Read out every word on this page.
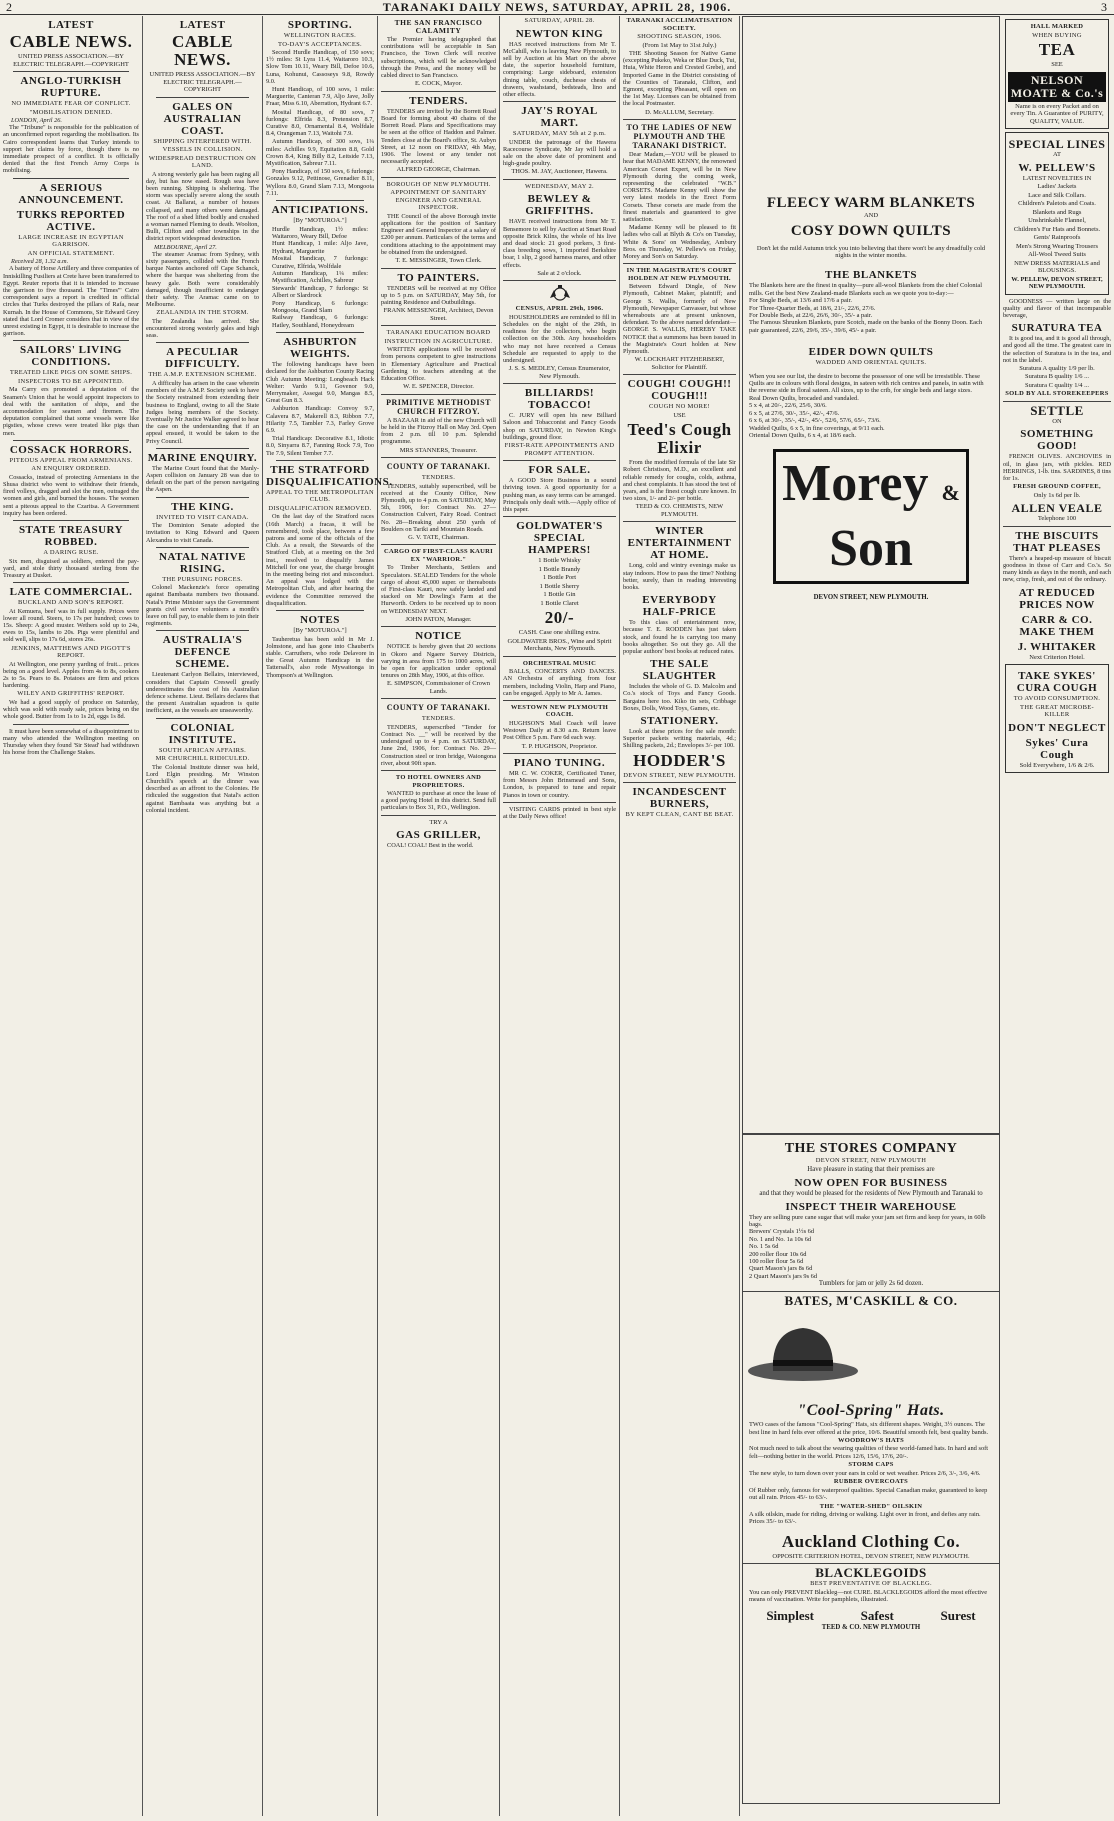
2	TARANAKI DAILY NEWS, SATURDAY, APRIL 28, 1906.	3
LATEST
CABLE NEWS.
UNITED PRESS ASSOCIATION.—BY ELECTRIC TELEGRAPH.—COPYRIGHT
ANGLO-TURKISH RUPTURE.
NO IMMEDIATE FEAR OF CONFLICT.
"MOBILISATION DENIED.
LONDON, April 26.

The "Tribune" is responsible for the publication of an unconfirmed report regarding the mobilisation. Its Cairo correspondent learns that Turkey intends to support her claims by force, though there is no immediate prospect of a conflict. It is officially denied that the first French Army Corps is mobilising.

A SERIOUS ANNOUNCEMENT.
TURKS REPORTED ACTIVE.
LARGE INCREASE IN EGYPTIAN GARRISON.
AN OFFICIAL STATEMENT.
Received 28, 1.32 a.m.

A battery of Horse Artillery and three companies of Inniskilling Fusiliers at Crete have been transferred to Egypt. Reuter reports that it is intended to increase the garrison to five thousand. The "Times'" Cairo correspondent says a report is credited in official circles that Turks destroyed the pillars of Rafa, near Kurnah. In the House of Commons, Sir Edward Grey stated that Lord Cromer considers that in view of the unrest existing in Egypt, it is desirable to increase the garrison.

SAILORS' LIVING CONDITIONS.
TREATED LIKE PIGS ON SOME SHIPS.
INSPECTORS TO BE APPOINTED.

Ma Carry ers promoted a deputation of the Seamen's Union that he would appoint inspectors to deal with the sanitation of ships, and the accommodation for seamen and firemen. The deputation complained that some vessels were like pigsties, whose crews were treated like pigs than men.

COSSACK HORRORS.
PITEOUS APPEAL FROM ARMENIANS.
AN ENQUIRY ORDERED.

Cossacks, instead of protecting Armenians in the Shusa district who went to withdraw their friends, fired volleys, dragged and slot the men, outraged the women and girls, and burned the houses. The women sent a piteous appeal to the Czaritsa. A Government inquiry has been ordered.

STATE TREASURY ROBBED.
A DARING RUSE.

Six men, disguised as soldiers, entered the pay-yard, and stole thirty thousand sterling from the Treasury at Dusket.

LATE COMMERCIAL.
BUCKLAND AND SON'S REPORT.

At Kemuera, beef was in full supply. Prices were lower all round. Steers, to 17s per hundred; cows to 15s. Sheep: A good muster. Wethers sold up to 24s, ewes to 15s, lambs to 20s. Pigs were plentiful and sold well, slips to 17s 6d, stores 26s.

JENKINS, MATTHEWS AND PIGOTT'S REPORT.

At Wellington, one penny yarding of fruit... prices being on a good level. Apples from 4s to 8s, cookers 2s to 5s. Pears to 8s. Potatoes are firm and prices hardening.

WILEY AND GRIFFITHS' REPORT.

We had a good supply of produce on Saturday, which was sold with ready sale, prices being on the whole good. Butter from 1s to 1s 2d, eggs 1s 8d.

It must have been somewhat of a disappointment to many who attended the Wellington meeting on Thursday when they found 'Sir Stead' had withdrawn his horse from the Challenge Stakes.

LATEST
CABLE NEWS.
UNITED PRESS ASSOCIATION.—BY ELECTRIC TELEGRAPH.—COPYRIGHT
GALES ON AUSTRALIAN COAST.
SHIPPING INTERFERED WITH.
VESSELS IN COLLISION.
WIDESPREAD DESTRUCTION ON LAND.

A strong westerly gale has been raging all day, but has now eased. Rough seas have been running. Shipping is sheltering. The storm was specially severe along the south coast. At Ballarat, a number of houses collapsed, and many others were damaged. The roof of a shed lifted bodily and crushed a woman named Fleming to death. Woolton, Bulli, Clifton and other townships in the district report widespread destruction.

MELBOURNE, April 27.

The steamer Aramac from Sydney, with sixty passengers, collided with the French barque Nantes anchored off Cape Schanck, where the barque was sheltering from the heavy gale. Both were considerably damaged, though insufficient to endanger their safety. The Aramac came on to Melbourne.

ZEALANDIA IN THE STORM.

The Zealandia has arrived. She encountered strong westerly gales and high seas.

A PECULIAR DIFFICULTY.
THE A.M.P. EXTENSION SCHEME.

A difficulty has arisen in the case wherein members of the A.M.P. Society seek to have the Society restrained from extending their business to England, owing to all the State Judges being members of the Society. Eventually Mr Justice Walker agreed to hear the case on the understanding that if an appeal ensued, it would be taken to the Privy Council.

MARINE ENQUIRY.

The Marine Court found that the Manly-Aspen collision on January 28 was due to default on the part of the person navigating the Aspen.

THE KING.
INVITED TO VISIT CANADA.

The Dominion Senate adopted the invitation to King Edward and Queen Alexandra to visit Canada.

NATAL NATIVE RISING.
THE PURSUING FORCES.

Colonel Mackenzie's force operating against Bambaata numbers two thousand. Natal's Prime Minister says the Government grants civil service volunteers a month's leave on full pay, to enable them to join their regiments.

AUSTRALIA'S DEFENCE SCHEME.

Lieutenant Carlyon Bellairs, interviewed, considers that Captain Creswell greatly underestimates the cost of his Australian defence scheme. Lieut. Bellairs declares that the present Australian squadron is quite inefficient, as the vessels are unseaworthy.

COLONIAL INSTITUTE.
SOUTH AFRICAN AFFAIRS.
MR CHURCHILL RIDICULED.

The Colonial Institute dinner was held, Lord Elgin presiding. Mr Winston Churchill's speech at the dinner was described as an affront to the Colonies. He ridiculed the suggestion that Natal's action against Bambaata was anything but a colonial incident.

SPORTING.
WELLINGTON RACES.
TO-DAY'S ACCEPTANCES.

Second Hurdle Handicap, of 150 sovs; 1½ miles: St Lyra 11.4, Waitaroro 10.3, Slow Tom 10.11, Weary Bill, Defoe 10.6, Luna, Kohunui, Cassoseys 9.8, Rowdy 9.0.

Hunt Handicap, of 100 sovs, 1 mile: Marguerite, Canteran 7.9, Aljo Jave, Jolly Fraar, Miss 6.10, Aberration, Hydrant 6.7.

Mosital Handicap, of 80 sovs, 7 furlongs: Elfrida 8.3, Pretension 8.7, Curative 8.0, Ornamental 8.4, Wolfdale 8.4, Orangeman 7.13, Waitohi 7.9.

Autumn Handicap, of 300 sovs, 1¼ miles: Achilles 9.9, Equitation 8.8, Gold Crown 8.4, King Billy 8.2, Leitside 7.13, Mystification, Sabreur 7.11.

Pony Handicap, of 150 sovs, 6 furlongs: Gonzales 9.12, Pettinose, Grenadier 8.11, Wyllora 8.0, Grand Slam 7.13, Mongoota 7.11.

ANTICIPATIONS.
[By "MOTUROA."]
Hurdle Handicap, 1½ miles: Waitaroro, Weary Bill, Defoe
Hunt Handicap, 1 mile: Aljo Jave, Hydrant, Marguerite
Mosital Handicap, 7 furlongs: Curative, Elfrida, Wolfdale
Autumn Handicap, 1¼ miles: Mystification, Achilles, Sabreur
Stewards' Handicap, 7 furlongs: St Albert or Slardrock
Pony Handicap, 6 furlongs: Mongoota, Grand Slam
Railway Handicap, 6 furlongs: Hatley, Southland, Honeydream
ASHBURTON WEIGHTS.

The following handicaps have been declared for the Ashburton County Racing Club Autumn Meeting: Longbeach Hack Welter: Vardo 9.11, Govenor 9.0, Merrymaker, Assegai 9.0, Mangas 8.5, Great Gun 8.3.

Ashburton Handicap: Convoy 9.7, Calavera 8.7, Makerell 8.3, Ribbon 7.7, Hilarity 7.5, Tambler 7.3, Farley Grove 6.9.

Trial Handicap: Decorative 8.1, Idiotic 8.0, Sinyarra 8.7, Fanning Rock 7.9, Too Tie 7.9, Silent Tember 7.7.

THE STRATFORD DISQUALIFICATIONS.
APPEAL TO THE METROPOLITAN CLUB.
DISQUALIFICATION REMOVED.

On the last day of the Stratford races (16th March) a fracas, it will be remembered, took place, between a few patrons and some of the officials of the Club. As a result, the Stewards of the Stratford Club, at a meeting on the 3rd inst., resolved to disqualify James Mitchell for one year, the charge brought in the meeting being riot and misconduct. An appeal was lodged with the Metropolitan Club, and after hearing the evidence the Committee removed the disqualification.

NOTES
[By "MOTUROA."]

Tauheretua has been sold in Mr J. Jolmstone, and has gone into Chaubert's stable. Carruthers, who rode Delavore in the Great Autumn Handicap in the Tattersall's, also rode Mywaitonga in Thompson's at Wellington.

THE SAN FRANCISCO CALAMITY

The Premier having telegraphed that contributions will be acceptable in San Francisco, the Town Clerk will receive subscriptions, which will be acknowledged through the Press, and the money will be cabled direct to San Francisco.

E. COCK, Mayor.
TENDERS.

TENDERS are invited by the Borrett Road Board for forming about 40 chains of the Borrett Road. Plans and Specifications may be seen at the office of Haddon and Palmer. Tenders close at the Board's office, St. Aubyn Street, at 12 noon on FRIDAY, 4th May, 1906. The lowest or any tender not necessarily accepted.

ALFRED GEORGE, Chairman.
BOROUGH OF NEW PLYMOUTH.
APPOINTMENT OF SANITARY ENGINEER AND GENERAL INSPECTOR.

THE Council of the above Borough invite applications for the position of Sanitary Engineer and General Inspector at a salary of £200 per annum. Particulars of the terms and conditions attaching to the appointment may be obtained from the undersigned.

T. E. MESSINGER, Town Clerk.
TO PAINTERS.

TENDERS will be received at my Office up to 5 p.m. on SATURDAY, May 5th, for painting Residence and Outbuildings.

FRANK MESSENGER, Architect, Devon Street.
TARANAKI EDUCATION BOARD
INSTRUCTION IN AGRICULTURE.

WRITTEN applications will be received from persons competent to give instructions in Elementary Agriculture and Practical Gardening to teachers attending at the Education Office.

W. E. SPENCER, Director.
PRIMITIVE METHODIST CHURCH FITZROY.

A BAZAAR in aid of the new Church will be held in the Fitzroy Hall on May 3rd. Open from 2 p.m. till 10 p.m. Splendid programme.

MRS STANNERS, Treasurer.
COUNTY OF TARANAKI.
TENDERS.

TENDERS, suitably superscribed, will be received at the County Office, New Plymouth, up to 4 p.m. on SATURDAY, May 5th, 1906, for: Contract No. 27—Construction Culvert, Fairy Road. Contract No. 28—Breaking about 250 yards of Boulders on Tariki and Mountain Roads.

G. V. TATE, Chairman.
CARGO OF FIRST-CLASS KAURI EX "WARRIOR."

To Timber Merchants, Settlers and Speculators. SEALED Tenders for the whole cargo of about 45,000 super. or thereabouts of First-class Kauri, now safely landed and stacked on Mr Dowling's Farm at the Hurworth. Orders to be received up to noon on WEDNESDAY NEXT.

JOHN PATON, Manager.
NOTICE

NOTICE is hereby given that 20 sections in Okoro and Ngaere Survey Districts, varying in area from 175 to 1000 acres, will be open for application under optional tenures on 28th May, 1906, at this office.

E. SIMPSON, Commissioner of Crown Lands.
COUNTY OF TARANAKI.
TENDERS.

TENDERS, superscribed "Tender for Contract No. __" will be received by the undersigned up to 4 p.m. on SATURDAY, June 2nd, 1906, for: Contract No. 29—Construction steel or iron bridge, Waiongona river, about 90ft span.

TO HOTEL OWNERS AND PROPRIETORS.

WANTED to purchase at once the lease of a good paying Hotel in this district. Send full particulars to Box 31, P.O., Wellington.

TRY A
GAS GRILLER,

COAL! COAL! Best in the world.

SATURDAY, APRIL 28.
NEWTON KING

HAS received instructions from Mr T. McCahill, who is leaving New Plymouth, to sell by Auction at his Mart on the above date, the superior household furniture, comprising: Large sideboard, extension dining table, couch, duchesse chests of drawers, washstand, bedsteads, lino and other effects.

JAY'S ROYAL MART.
SATURDAY, MAY 5th at 2 p.m.

UNDER the patronage of the Hawera Racecourse Syndicate, Mr Jay will hold a sale on the above date of prominent and high-grade poultry.

THOS. M. JAY, Auctioneer, Hawera.
WEDNESDAY, MAY 2.
BEWLEY & GRIFFITHS.

HAVE received instructions from Mr T. Bensemore to sell by Auction at Smart Road opposite Brick Kilns, the whole of his live and dead stock: 21 good porkers, 3 first-class breeding sows, 1 imported Berkshire boar, 1 slip, 2 good harness mares, and other effects.

Sale at 2 o'clock.
CENSUS, APRIL 29th, 1906.

HOUSEHOLDERS are reminded to fill in Schedules on the night of the 29th, in readiness for the collectors, who begin collection on the 30th. Any householders who may not have received a Census Schedule are requested to apply to the undersigned.

J. S. S. MEDLEY, Census Enumerator, New Plymouth.
BILLIARDS! TOBACCO!

C. JURY will open his new Billiard Saloon and Tobacconist and Fancy Goods shop on SATURDAY, in Newton King's buildings, ground floor.

FIRST-RATE APPOINTMENTS AND PROMPT ATTENTION.
FOR SALE.

A GOOD Store Business in a sound thriving town. A good opportunity for a pushing man, as easy terms can be arranged. Principals only dealt with.—Apply office of this paper.

GOLDWATER'S SPECIAL HAMPERS!
1 Bottle Whisky
1 Bottle Brandy
1 Bottle Port
1 Bottle Sherry
1 Bottle Gin
1 Bottle Claret
20/-
CASH. Case one shilling extra.
GOLDWATER BROS., Wine and Spirit Merchants, New Plymouth.
ORCHESTRAL MUSIC

BALLS, CONCERTS AND DANCES. AN Orchestra of anything from four members, including Violin, Harp and Piano, can be engaged. Apply to Mr A. James.

WESTOWN NEW PLYMOUTH COACH.

HUGHSON'S Mail Coach will leave Westown Daily at 8.30 a.m. Return leave Post Office 5 p.m. Fare 6d each way.

T. P. HUGHSON, Proprietor.
PIANO TUNING.

MR C. W. COKER, Certificated Tuner, from Messrs John Brinsmead and Sons, London, is prepared to tune and repair Pianos in town or country.

VISITING CARDS printed in best style at the Daily News office!

TARANAKI ACCLIMATISATION SOCIETY.
SHOOTING SEASON, 1906.
(From 1st May to 31st July.)

THE Shooting Season for Native Game (excepting Pukeko, Weka or Blue Duck, Tui, Huia, White Heron and Crested Grebe), and Imported Game in the District consisting of the Counties of Taranaki, Clifton, and Egmont, excepting Pheasant, will open on the 1st May. Licenses can be obtained from the local Postmaster.

D. McALLUM, Secretary.
TO THE LADIES OF NEW PLYMOUTH AND THE TARANAKI DISTRICT.

Dear Madam,—YOU will be pleased to hear that MADAME KENNY, the renowned American Corset Expert, will be in New Plymouth during the coming week, representing the celebrated "W.B." CORSETS. Madame Kenny will show the very latest models in the Erect Form Corsets. These corsets are made from the finest materials and guaranteed to give satisfaction.

Madame Kenny will be pleased to fit ladies who call at Blyth & Co's on Tuesday, White & Sons' on Wednesday, Ambury Bros. on Thursday, W. Pellew's on Friday, Morey and Son's on Saturday.

IN THE MAGISTRATE'S COURT HOLDEN AT NEW PLYMOUTH.

Between Edward Dingle, of New Plymouth, Cabinet Maker, plaintiff; and George S. Wallis, formerly of New Plymouth, Newspaper Canvasser, but whose whereabouts are at present unknown, defendant. To the above named defendant—GEORGE S. WALLIS, HEREBY TAKE NOTICE that a summons has been issued in the Magistrate's Court holden at New Plymouth.

W. LOCKHART FITZHERBERT, Solicitor for Plaintiff.
COUGH! COUGH!! COUGH!!!
COUGH NO MORE!
USE
Teed's Cough Elixir

From the modified formula of the late Sir Robert Christison, M.D., an excellent and reliable remedy for coughs, colds, asthma, and chest complaints. It has stood the test of years, and is the finest cough cure known. In two sizes, 1/- and 2/- per bottle.

TEED & CO. CHEMISTS, NEW PLYMOUTH.
WINTER ENTERTAINMENT AT HOME.

Long, cold and wintry evenings make us stay indoors. How to pass the time? Nothing better, surely, than in reading interesting books.

EVERYBODY HALF-PRICE

To this class of entertainment now, because T. E. RODDEN has just taken stock, and found he is carrying too many books altogether. So out they go. All the popular authors' best books at reduced rates.

THE SALE SLAUGHTER

Includes the whole of G. D. Malcolm and Co.'s stock of Toys and Fancy Goods. Bargains here too. Kiko tin sets, Cribbage Boxes, Dolls, Wood Toys, Games, etc.

STATIONERY.

Look at these prices for the sale month: Superior packets writing materials, 4d.; Shilling packets, 2d.; Envelopes 3/- per 100.

HODDER'S
DEVON STREET, NEW PLYMOUTH.
INCANDESCENT BURNERS,
BY KEPT CLEAN, CANT BE BEAT.
FLEECY WARM BLANKETS
AND
COSY DOWN QUILTS
Don't let the mild Autumn trick you into believing that there won't be any dreadfully cold nights in the winter months.
THE BLANKETS
The Blankets here are the finest in quality—pure all-wool Blankets from the chief Colonial mills. Get the best New Zealand-made Blankets such as we quote you to-day:—
For Single Beds, at 13/6 and 17/6 a pair.
For Three-Quarter Beds, at 18/6, 21/-, 22/6, 27/6.
For Double Beds, at 22/6, 26/6, 30/-, 35/- a pair.
The Famous Shrunken Blankets, pure Scotch, made on the banks of the Bonny Doon. Each pair guaranteed, 22/6, 29/6, 35/-, 39/6, 45/- a pair.
EIDER DOWN QUILTS
WADDED AND ORIENTAL QUILTS.
When you see our list, the desire to become the possessor of one will be irresistible. These Quilts are in colours with floral designs, in sateen with rich centres and panels, in satin with the reverse side in floral sateen. All sizes, up to the crib, for single beds and large sizes.
Real Down Quilts, brocaded and vandaled.
5 x 4, at 20/-, 22/6, 25/6, 30/6.
6 x 5, at 27/6, 30/-, 35/-, 42/-, 47/6.
6 x 6, at 30/-, 35/-, 42/-, 45/-, 52/6, 57/6, 65/-, 73/6.
Wadded Quilts, 6 x 5, in fine coverings, at 9/11 each.
Oriental Down Quilts, 6 x 4, at 18/6 each.
Morey & Son
DEVON STREET, NEW PLYMOUTH.
THE STORES COMPANY
DEVON STREET, NEW PLYMOUTH
Have pleasure in stating that their premises are
NOW OPEN FOR BUSINESS
and that they would be pleased for the residents of New Plymouth and Taranaki to
INSPECT THEIR WAREHOUSE
They are selling pure cane sugar that will make your jam set firm and keep for years, in 60lb bags.
Brewers' Crystals 1½s 6d
No. 1 and No. 1a 10s 6d
No. 1 5s 6d
200 roller flour 10s 6d
100 roller flour 5s 6d
Quart Mason's jars 8s 6d
2 Quart Mason's jars 9s 6d
Tumblers for jam or jelly 2s 6d dozen.
BATES, M'CASKILL & CO.
"Cool-Spring" Hats.
TWO cases of the famous "Cool-Spring" Hats, six different shapes. Weight, 3½ ounces. The best line in hard felts ever offered at the price, 10/6. Beautiful smooth felt, best quality bands.
WOODROW'S HATS
Not much need to talk about the wearing qualities of these world-famed hats. In hard and soft felt—nothing better in the world. Prices 12/6, 15/6, 17/6, 20/-.
STORM CAPS
The new style, to turn down over your ears in cold or wet weather. Prices 2/6, 3/-, 3/6, 4/6.
RUBBER OVERCOATS
Of Rubber only, famous for waterproof qualities. Special Canadian make, guaranteed to keep out all rain. Prices 45/- to 63/-.
THE "WATER-SHED" OILSKIN
A silk oilskin, made for riding, driving or walking. Light over in front, and defies any rain. Prices 35/- to 63/-.
Auckland Clothing Co.
OPPOSITE CRITERION HOTEL, DEVON STREET, NEW PLYMOUTH.
BLACKLEGOIDS
BEST PREVENTATIVE OF BLACKLEG.
You can only PREVENT Blackleg—not CURE. BLACKLEGOIDS afford the most effective means of vaccination. Write for pamphlets, illustrated.
Simplest	Safest	Surest
TEED & CO. NEW PLYMOUTH
HALL MARKED
WHEN BUYING
TEA
SEE
NELSON MOATE & Co.'s
Name is on every Packet and on every Tin. A Guarantee of PURITY, QUALITY, VALUE.
SPECIAL LINES
AT
W. PELLEW'S
LATEST NOVELTIES IN
Ladies' Jackets
Lace and Silk Collars.
Children's Paletots and Coats.
Blankets and Rugs
Unshrinkable Flannel,
Children's Fur Hats and Bonnets.
Gents' Rainproofs
Men's Strong Wearing Trousers
All-Wool Tweed Suits
NEW DRESS MATERIALS and BLOUSINGS.
W. PELLEW, DEVON STREET, NEW PLYMOUTH.

GOODNESS — written large on the quality and flavor of that incomparable beverage,

SURATURA TEA

It is good tea, and it is good all through, and good all the time. The greatest care in the selection of Suratura is in the tea, and not in the label.

Suratura A quality 1/9 per lb.
Suratura B quality 1/6 ...
Suratura C quality 1/4 ...
SOLD BY ALL STOREKEEPERS
SETTLE
ON
SOMETHING GOOD!

FRENCH OLIVES. ANCHOVIES in oil, in glass jars, with pickles. RED HERRINGS, 1-lb. tins. SARDINES, 8 tins for 1s.

FRESH GROUND COFFEE,
Only 1s 6d per lb.
ALLEN VEALE
Telephone 100
THE BISCUITS THAT PLEASES

There's a heaped-up measure of biscuit goodness in those of Carr and Co.'s. So many kinds as days in the month, and each new, crisp, fresh, and out of the ordinary.

AT REDUCED PRICES NOW
CARR & CO. MAKE THEM
J. WHITAKER
Next Criterion Hotel.
TAKE SYKES' CURA COUGH
TO AVOID CONSUMPTION.
THE GREAT MICROBE-KILLER
DON'T NEGLECT
Sykes' Cura Cough
Sold Everywhere, 1/6 & 2/6.
